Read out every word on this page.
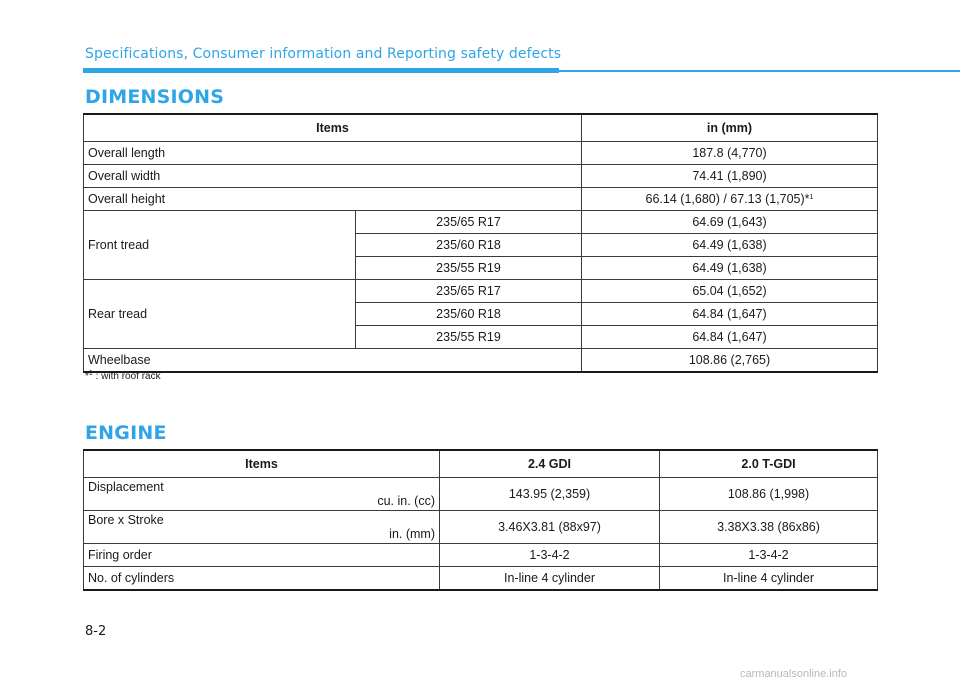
Specifications, Consumer information and Reporting safety defects
DIMENSIONS
Items		in (mm)
Overall length		187.8 (4,770)
Overall width		74.41 (1,890)
Overall height		66.14 (1,680) / 67.13 (1,705)*$^1$
Front tread	235/65 R17	64.69 (1,643)
	235/60 R18	64.49 (1,638)
	235/55 R19	64.49 (1,638)
Rear tread	235/65 R17	65.04 (1,652)
	235/60 R18	64.84 (1,647)
	235/55 R19	64.84 (1,647)
Wheelbase		108.86 (2,765)
*$^1$ : with roof rack
ENGINE
Items	2.4 GDI	2.0 T-GDI

Displacement
cu. in. (cc)	143.95 (2,359)	108.86 (1,998)

Bore x Stroke
in. (mm)	3.46X3.81 (88x97)	3.38X3.38 (86x86)
Firing order	1-3-4-2	1-3-4-2
No. of cylinders	In-line 4 cylinder	In-line 4 cylinder
8-2
carmanualsonline.info
